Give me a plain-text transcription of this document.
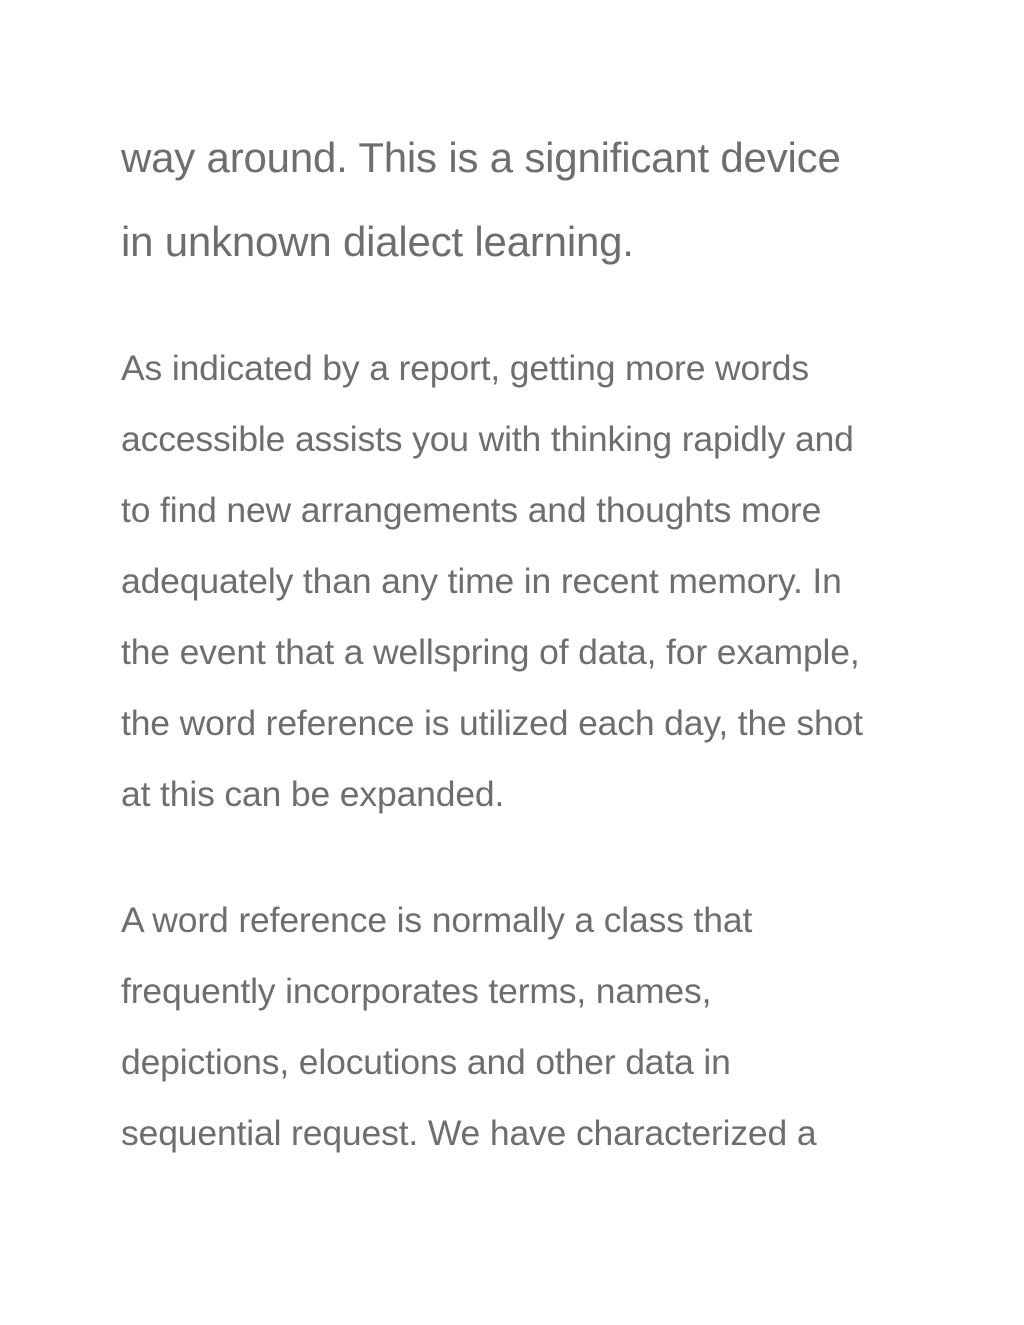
way around. This is a significant device
in unknown dialect learning.

As indicated by a report, getting more words
accessible assists you with thinking rapidly and
to find new arrangements and thoughts more
adequately than any time in recent memory. In
the event that a wellspring of data, for example,
the word reference is utilized each day, the shot
at this can be expanded.

A word reference is normally a class that
frequently incorporates terms, names,
depictions, elocutions and other data in
sequential request. We have characterized a
